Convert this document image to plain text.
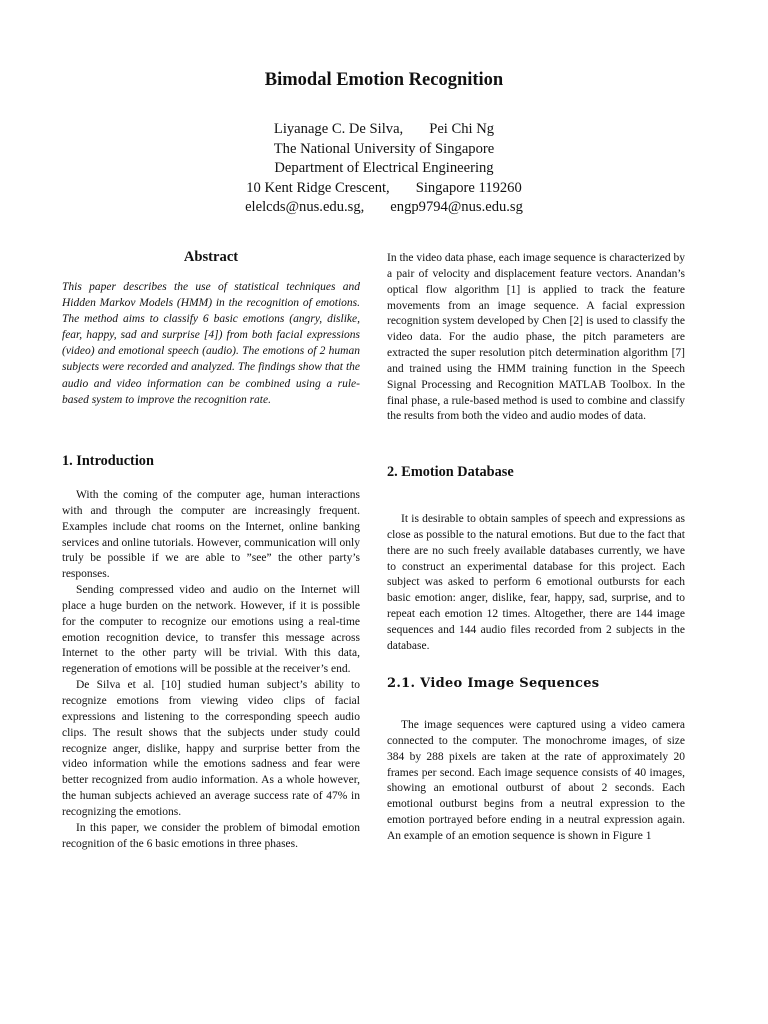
Bimodal Emotion Recognition
Liyanage C. De Silva, Pei Chi Ng
The National University of Singapore
Department of Electrical Engineering
10 Kent Ridge Crescent, Singapore 119260
elelcds@nus.edu.sg, engp9794@nus.edu.sg
Abstract

This paper describes the use of statistical techniques and Hidden Markov Models (HMM) in the recognition of emotions. The method aims to classify 6 basic emotions (angry, dislike, fear, happy, sad and surprise [4]) from both facial expressions (video) and emotional speech (audio). The emotions of 2 human subjects were recorded and analyzed. The findings show that the audio and video information can be combined using a rule-based system to improve the recognition rate.

1. Introduction

With the coming of the computer age, human interactions with and through the computer are increasingly frequent. Examples include chat rooms on the Internet, online banking services and online tutorials. However, communication will only truly be possible if we are able to ”see” the other party’s responses.

Sending compressed video and audio on the Internet will place a huge burden on the network. However, if it is possible for the computer to recognize our emotions using a real-time emotion recognition device, to transfer this message across Internet to the other party will be trivial. With this data, regeneration of emotions will be possible at the receiver’s end.

De Silva et al. [10] studied human subject’s ability to recognize emotions from viewing video clips of facial expressions and listening to the corresponding speech audio clips. The result shows that the subjects under study could recognize anger, dislike, happy and surprise better from the video information while the emotions sadness and fear were better recognized from audio information. As a whole however, the human subjects achieved an average success rate of 47% in recognizing the emotions.

In this paper, we consider the problem of bimodal emotion recognition of the 6 basic emotions in three phases.

In the video data phase, each image sequence is characterized by a pair of velocity and displacement feature vectors. Anandan’s optical flow algorithm [1] is applied to track the feature movements from an image sequence. A facial expression recognition system developed by Chen [2] is used to classify the video data. For the audio phase, the pitch parameters are extracted the super resolution pitch determination algorithm [7] and trained using the HMM training function in the Speech Signal Processing and Recognition MATLAB Toolbox. In the final phase, a rule-based method is used to combine and classify the results from both the video and audio modes of data.

2. Emotion Database

It is desirable to obtain samples of speech and expressions as close as possible to the natural emotions. But due to the fact that there are no such freely available databases currently, we have to construct an experimental database for this project. Each subject was asked to perform 6 emotional outbursts for each basic emotion: anger, dislike, fear, happy, sad, surprise, and to repeat each emotion 12 times. Altogether, there are 144 image sequences and 144 audio files recorded from 2 subjects in the database.

2.1. Video Image Sequences

The image sequences were captured using a video camera connected to the computer. The monochrome images, of size 384 by 288 pixels are taken at the rate of approximately 20 frames per second. Each image sequence consists of 40 images, showing an emotional outburst of about 2 seconds. Each emotional outburst begins from a neutral expression to the emotion portrayed before ending in a neutral expression again. An example of an emotion sequence is shown in Figure 1
